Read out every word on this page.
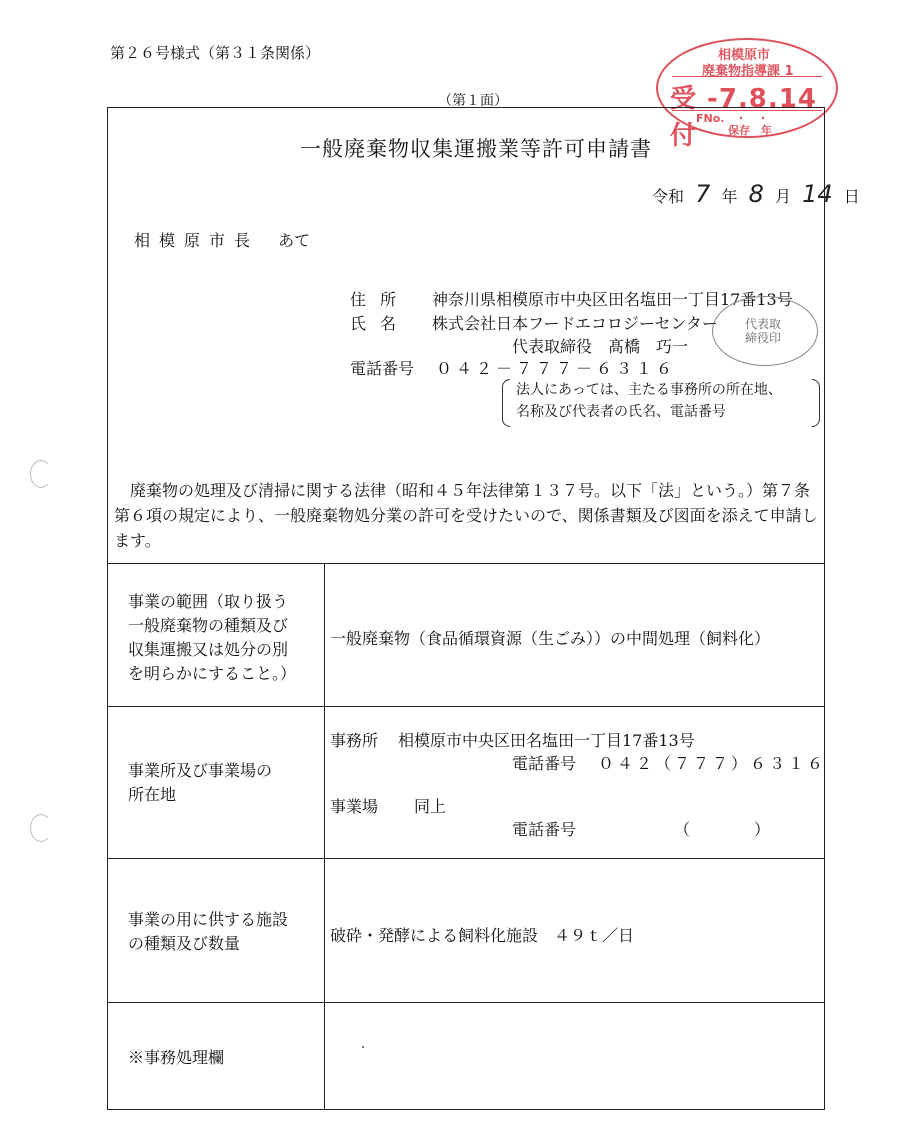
第２６号様式（第３１条関係）
（第１面）
相模原市
廃棄物指導課 1
受 -7.8.14 付
FNo.　・　・
保存　年
一般廃棄物収集運搬業等許可申請書
令和 7 年 8 月 14 日
相模原市長 あて
住所 神奈川県相模原市中央区田名塩田一丁目17番13号
氏名 株式会社日本フードエコロジーセンター
代表取締役　髙橋　巧一
代表取締役印
電話番号 ０４２－７７７－６３１６
法人にあっては、主たる事務所の所在地、
名称及び代表者の氏名、電話番号
廃棄物の処理及び清掃に関する法律（昭和４５年法律第１３７号。以下「法」という。）第７条第６項の規定により、一般廃棄物処分業の許可を受けたいので、関係書類及び図面を添えて申請します。
事業の範囲（取り扱う
一般廃棄物の種類及び
収集運搬又は処分の別
を明らかにすること。）
一般廃棄物（食品循環資源（生ごみ））の中間処理（飼料化）
事業所及び事業場の
所在地
事務所 相模原市中央区田名塩田一丁目17番13号
電話番号 ０４２（７７７）６３１６
事業場 同上
電話番号	（　　　　）
事業の用に供する施設
の種類及び数量	破砕・発酵による飼料化施設　４９ｔ／日
※事務処理欄
